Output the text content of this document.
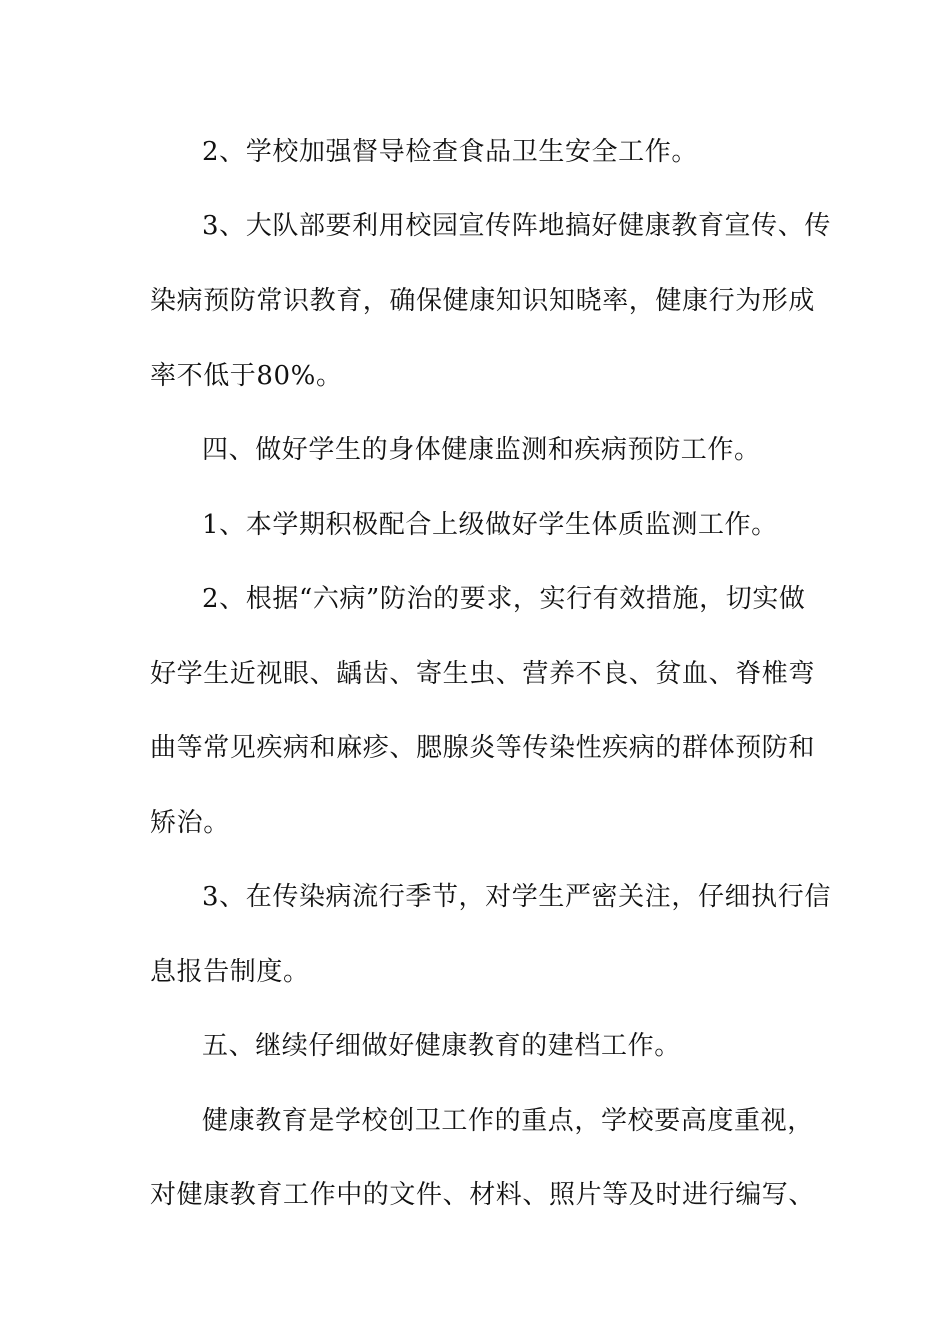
2、学校加强督导检查食品卫生安全工作。
3、大队部要利用校园宣传阵地搞好健康教育宣传、传
染病预防常识教育，确保健康知识知晓率，健康行为形成
率不低于80%。
四、做好学生的身体健康监测和疾病预防工作。
1、本学期积极配合上级做好学生体质监测工作。
2、根据“六病”防治的要求，实行有效措施，切实做
好学生近视眼、龋齿、寄生虫、营养不良、贫血、脊椎弯
曲等常见疾病和麻疹、腮腺炎等传染性疾病的群体预防和
矫治。
3、在传染病流行季节，对学生严密关注，仔细执行信
息报告制度。
五、继续仔细做好健康教育的建档工作。
健康教育是学校创卫工作的重点，学校要高度重视，
对健康教育工作中的文件、材料、照片等及时进行编写、
